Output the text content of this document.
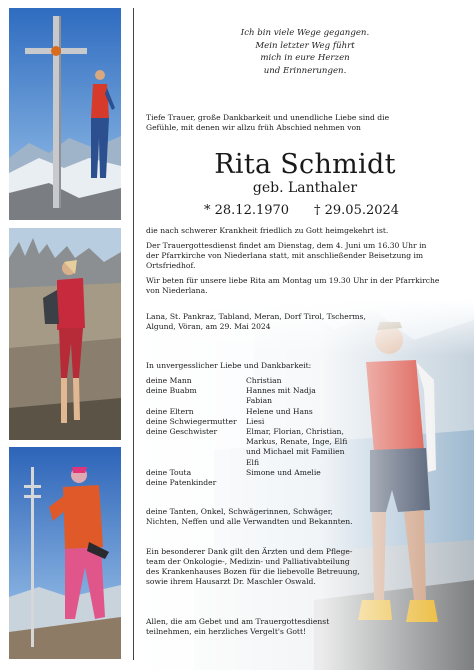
Ich bin viele Wege gegangen.
Mein letzter Weg führt
mich in eure Herzen
und Erinnerungen.
Tiefe Trauer, große Dankbarkeit und unendliche Liebe sind die
Gefühle, mit denen wir allzu früh Abschied nehmen von
Rita Schmidt
geb. Lanthaler
* 28.12.1970 † 29.05.2024
die nach schwerer Krankheit friedlich zu Gott heimgekehrt ist.
Der Trauergottesdienst findet am Dienstag, dem 4. Juni um 16.30 Uhr in
der Pfarrkirche von Niederlana statt, mit anschließender Beisetzung im
Ortsfriedhof.
Wir beten für unsere liebe Rita am Montag um 19.30 Uhr in der Pfarrkirche
von Niederlana.
Lana, St. Pankraz, Tabland, Meran, Dorf Tirol, Tscherms,
Algund, Vöran, am 29. Mai 2024
In unvergesslicher Liebe und Dankbarkeit:
deine Mann
deine Buabm
deine Eltern
deine Schwiegermutter
deine Geschwister
deine Touta
deine Patenkinder
Christian
Hannes mit Nadja
Fabian
Helene und Hans
Liesi
Elmar, Florian, Christian,
Markus, Renate, Inge, Elfi
und Michael mit Familien
Elfi
Simone und Amelie
deine Tanten, Onkel, Schwägerinnen, Schwäger,
Nichten, Neffen und alle Verwandten und Bekannten.
Ein besonderer Dank gilt den Ärzten und dem Pflege-
team der Onkologie-, Medizin- und Palliativabteilung
des Krankenhauses Bozen für die liebevolle Betreuung,
sowie ihrem Hausarzt Dr. Maschler Oswald.
Allen, die am Gebet und am Trauergottesdienst
teilnehmen, ein herzliches Vergelt's Gott!
